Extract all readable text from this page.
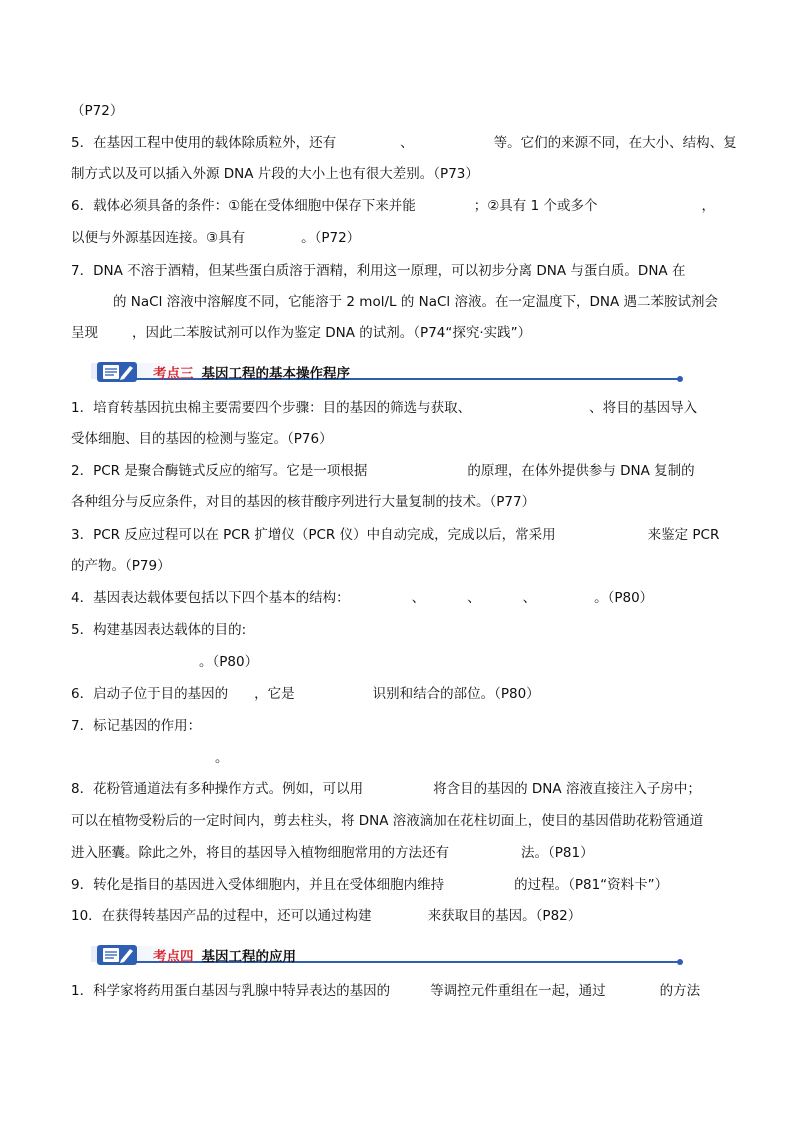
（P72）
5．在基因工程中使用的载体除质粒外，还有	、	等。它们的来源不同，在大小、结构、复
制方式以及可以插入外源 DNA 片段的大小上也有很大差别。（P73）
6．载体必须具备的条件：①能在受体细胞中保存下来并能	；②具有 1 个或多个	，
以便与外源基因连接。③具有	。（P72）
7．DNA 不溶于酒精，但某些蛋白质溶于酒精，利用这一原理，可以初步分离 DNA 与蛋白质。DNA 在
的 NaCl 溶液中溶解度不同，它能溶于 2 mol/L 的 NaCl 溶液。在一定温度下，DNA 遇二苯胺试剂会
呈现	，因此二苯胺试剂可以作为鉴定 DNA 的试剂。（P74“探究·实践”）
考点三 基因工程的基本操作程序
1．培育转基因抗虫棉主要需要四个步骤：目的基因的筛选与获取、	、将目的基因导入
受体细胞、目的基因的检测与鉴定。（P76）
2．PCR 是聚合酶链式反应的缩写。它是一项根据	的原理，在体外提供参与 DNA 复制的
各种组分与反应条件，对目的基因的核苷酸序列进行大量复制的技术。（P77）
3．PCR 反应过程可以在 PCR 扩增仪（PCR 仪）中自动完成，完成以后，常采用	来鉴定 PCR
的产物。（P79）
4．基因表达载体要包括以下四个基本的结构：	、	、	、	。（P80）
5．构建基因表达载体的目的:
。（P80）
6．启动子位于目的基因的 ，它是	识别和结合的部位。（P80）
7．标记基因的作用：
。
8．花粉管通道法有多种操作方式。例如，可以用	将含目的基因的 DNA 溶液直接注入子房中；
可以在植物受粉后的一定时间内，剪去柱头，将 DNA 溶液滴加在花柱切面上，使目的基因借助花粉管通道
进入胚囊。除此之外，将目的基因导入植物细胞常用的方法还有	法。（P81）
9．转化是指目的基因进入受体细胞内，并且在受体细胞内维持	的过程。（P81“资料卡”）
10．在获得转基因产品的过程中，还可以通过构建	来获取目的基因。（P82）
考点四 基因工程的应用
1．科学家将药用蛋白基因与乳腺中特异表达的基因的	等调控元件重组在一起，通过	的方法
